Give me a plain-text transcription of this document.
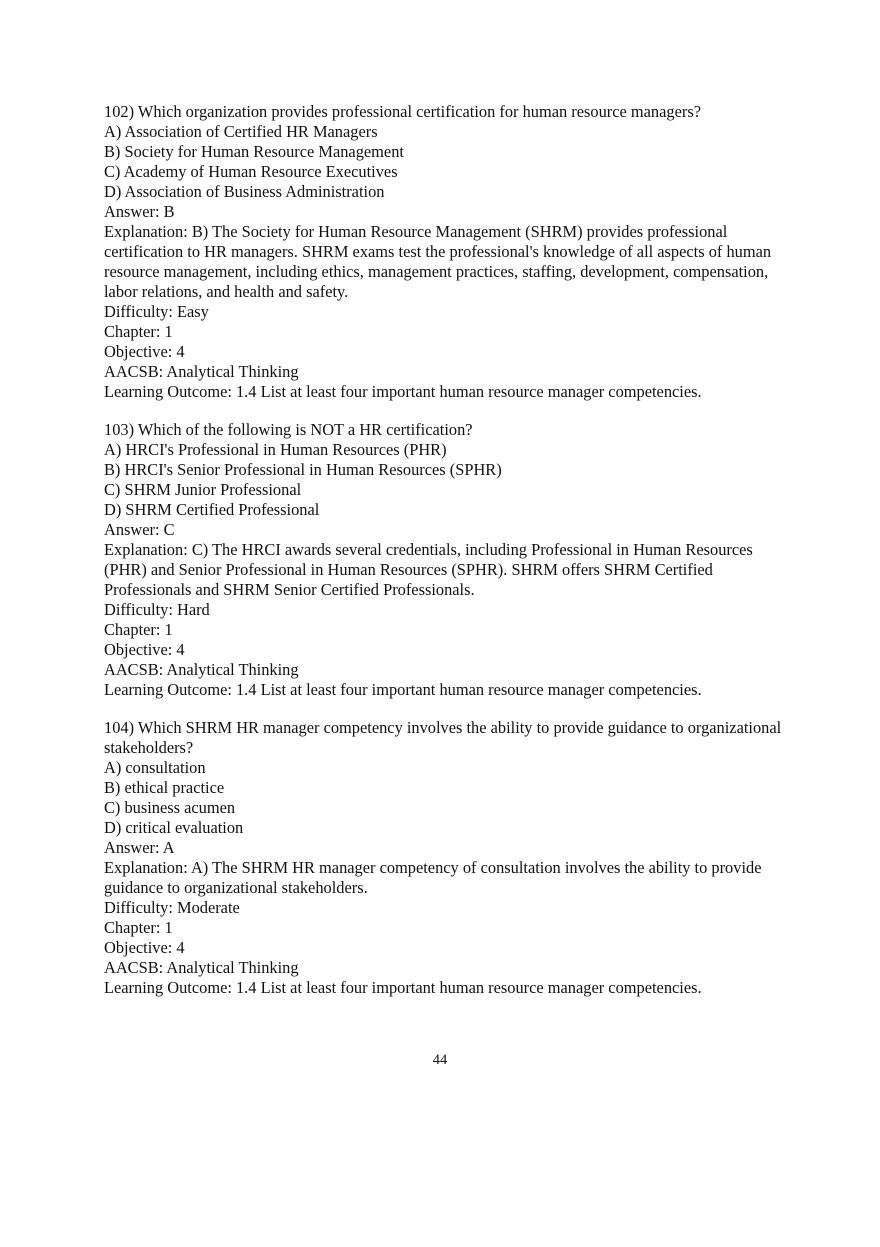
102) Which organization provides professional certification for human resource managers?
A) Association of Certified HR Managers
B) Society for Human Resource Management
C) Academy of Human Resource Executives
D) Association of Business Administration
Answer: B
Explanation: B) The Society for Human Resource Management (SHRM) provides professional certification to HR managers. SHRM exams test the professional's knowledge of all aspects of human resource management, including ethics, management practices, staffing, development, compensation, labor relations, and health and safety.
Difficulty: Easy
Chapter: 1
Objective: 4
AACSB: Analytical Thinking
Learning Outcome: 1.4 List at least four important human resource manager competencies.
103) Which of the following is NOT a HR certification?
A) HRCI's Professional in Human Resources (PHR)
B) HRCI's Senior Professional in Human Resources (SPHR)
C) SHRM Junior Professional
D) SHRM Certified Professional
Answer: C
Explanation: C) The HRCI awards several credentials, including Professional in Human Resources (PHR) and Senior Professional in Human Resources (SPHR). SHRM offers SHRM Certified Professionals and SHRM Senior Certified Professionals.
Difficulty: Hard
Chapter: 1
Objective: 4
AACSB: Analytical Thinking
Learning Outcome: 1.4 List at least four important human resource manager competencies.
104) Which SHRM HR manager competency involves the ability to provide guidance to organizational stakeholders?
A) consultation
B) ethical practice
C) business acumen
D) critical evaluation
Answer: A
Explanation: A) The SHRM HR manager competency of consultation involves the ability to provide guidance to organizational stakeholders.
Difficulty: Moderate
Chapter: 1
Objective: 4
AACSB: Analytical Thinking
Learning Outcome: 1.4 List at least four important human resource manager competencies.
44
